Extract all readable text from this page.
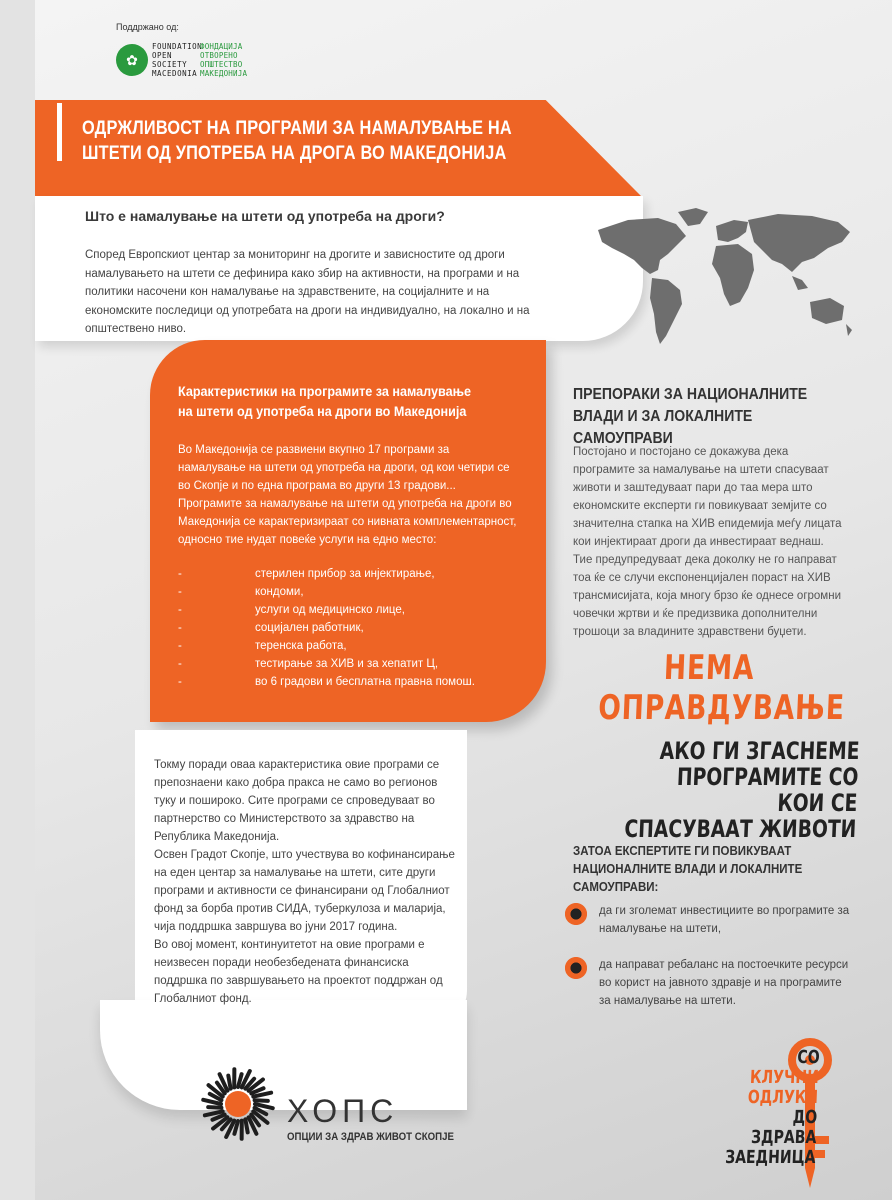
Поддржано од:
✿
FOUNDATION
OPEN
SOCIETY
MACEDONIA
ФОНДАЦИЈА
ОТВОРЕНО
ОПШТЕСТВО
МАКЕДОНИЈА
ОДРЖЛИВОСТ НА ПРОГРАМИ ЗА НАМАЛУВАЊЕ НА ШТЕТИ ОД УПОТРЕБА НА ДРОГА ВО МАКЕДОНИЈА
Што е намалување на штети од употреба на дроги?

Според Европскиот центар за мониторинг на дрогите и зависностите од дроги намалувањето на штети се дефинира како збир на активности, на програми и на политики насочени кон намалување на здравствените, на социјалните и на економските последици од употребата на дроги на индивидуално, на локално и на општествено ниво.

Карактеристики на програмите за намалување на штети од употреба на дроги во Македонија

Во Македонија се развиени вкупно 17 програми за намалување на штети од употреба на дроги, од кои четири се во Скопје и по една програма во други 13 градови... Програмите за намалување на штети од употреба на дроги во Македонија се карактеризираат со нивната комплементарност, односно тие нудат повеќе услуги на едно место:

-	стерилен прибор за инјектирање,
-	кондоми,
-	услуги од медицинско лице,
-	социјален работник,
-	теренска работа,
-	тестирање за ХИВ и за хепатит Ц,
-	во 6 градови и бесплатна правна помош.

Токму поради оваа карактеристика овие програми се препознаени како добра пракса не само во регионов туку и пошироко. Сите програми се спроведуваат во партнерство со Министерството за здравство на Република Македонија.
Освен Градот Скопје, што учествува во кофинансирање на еден центар за намалување на штети, сите други програми и активности се финансирани од Глобалниот фонд за борба против СИДА, туберкулоза и маларија, чија поддршка завршува во јуни 2017 година.
Во овој момент, континуитетот на овие програми е неизвесен поради необезбедената финансиска поддршка по завршувањето на проектот поддржан од Глобалниот фонд.

ХОПС
ОПЦИИ ЗА ЗДРАВ ЖИВОТ СКОПЈЕ
ПРЕПОРАКИ ЗА НАЦИОНАЛНИТЕ ВЛАДИ И ЗА ЛОКАЛНИТЕ САМОУПРАВИ

Постојано и постојано се докажува дека програмите за намалување на штети спасуваат животи и заштедуваат пари до таа мера што економските експерти ги повикуваат земјите со значителна стапка на ХИВ епидемија меѓу лицата кои инјектираат дроги да инвестираат веднаш. Тие предупредуваат дека доколку не го направат тоа ќе се случи експоненцијален пораст на ХИВ трансмисијата, која многу брзо ќе однесе огромни човечки жртви и ќе предизвика дополнителни трошоци за владините здравствени буџети.

НЕМА
ОПРАВДУВАЊЕ
АКО ГИ ЗГАСНЕМЕ
ПРОГРАМИТЕ СО КОИ СЕ
СПАСУВААТ ЖИВОТИ
ЗАТОА ЕКСПЕРТИТЕ ГИ ПОВИКУВААТ НАЦИОНАЛНИТЕ ВЛАДИ И ЛОКАЛНИТЕ САМОУПРАВИ:
да ги зголемат инвестициите во програмите за намалување на штети,
да направат ребаланс на постоечките ресурси во корист на јавното здравје и на програмите за намалување на штети.
СО
КЛУЧНИ
ОДЛУКИ
ДО ЗДРАВА
ЗАЕДНИЦА
